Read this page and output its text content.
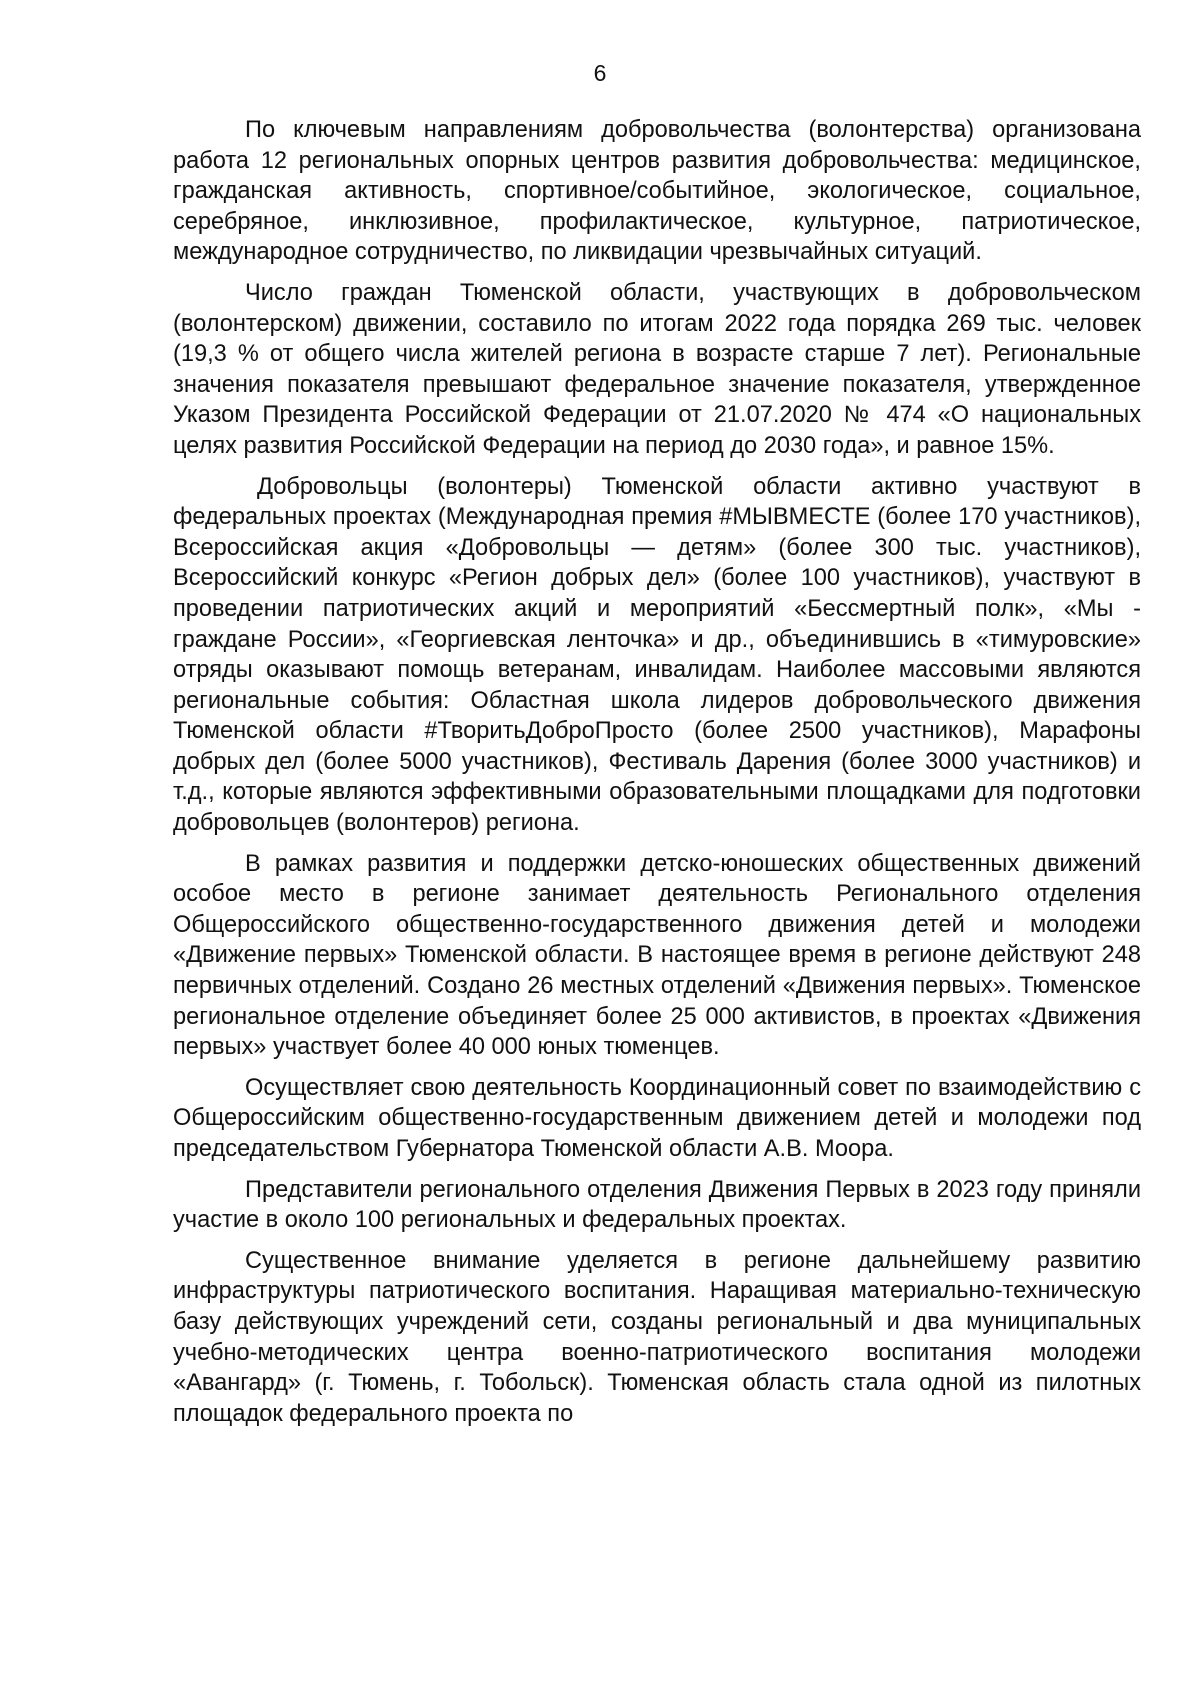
6

По ключевым направлениям добровольчества (волонтерства) организована работа 12 региональных опорных центров развития добровольчества: медицинское, гражданская активность, спортивное/событийное, экологическое, социальное, серебряное, инклюзивное, профилактическое, культурное, патриотическое, международное сотрудничество, по ликвидации чрезвычайных ситуаций.

Число граждан Тюменской области, участвующих в добровольческом (волонтерском) движении, составило по итогам 2022 года порядка 269 тыс. человек (19,3 % от общего числа жителей региона в возрасте старше 7 лет). Региональные значения показателя превышают федеральное значение показателя, утвержденное Указом Президента Российской Федерации от 21.07.2020 № 474 «О национальных целях развития Российской Федерации на период до 2030 года», и равное 15%.

Добровольцы (волонтеры) Тюменской области активно участвуют в федеральных проектах (Международная премия #МЫВМЕСТЕ (более 170 участников), Всероссийская акция «Добровольцы — детям» (более 300 тыс. участников), Всероссийский конкурс «Регион добрых дел» (более 100 участников), участвуют в проведении патриотических акций и мероприятий «Бессмертный полк», «Мы - граждане России», «Георгиевская ленточка» и др., объединившись в «тимуровские» отряды оказывают помощь ветеранам, инвалидам. Наиболее массовыми являются региональные события: Областная школа лидеров добровольческого движения Тюменской области #ТворитьДоброПросто (более 2500 участников), Марафоны добрых дел (более 5000 участников), Фестиваль Дарения (более 3000 участников) и т.д., которые являются эффективными образовательными площадками для подготовки добровольцев (волонтеров) региона.

В рамках развития и поддержки детско-юношеских общественных движений особое место в регионе занимает деятельность Регионального отделения Общероссийского общественно-государственного движения детей и молодежи «Движение первых» Тюменской области. В настоящее время в регионе действуют 248 первичных отделений. Создано 26 местных отделений «Движения первых». Тюменское региональное отделение объединяет более 25 000 активистов, в проектах «Движения первых» участвует более 40 000 юных тюменцев.

Осуществляет свою деятельность Координационный совет по взаимодействию с Общероссийским общественно-государственным движением детей и молодежи под председательством Губернатора Тюменской области А.В. Моора.

Представители регионального отделения Движения Первых в 2023 году приняли участие в около 100 региональных и федеральных проектах.

Существенное внимание уделяется в регионе дальнейшему развитию инфраструктуры патриотического воспитания. Наращивая материально-техническую базу действующих учреждений сети, созданы региональный и два муниципальных учебно-методических центра военно-патриотического воспитания молодежи «Авангард» (г. Тюмень, г. Тобольск). Тюменская область стала одной из пилотных площадок федерального проекта по
